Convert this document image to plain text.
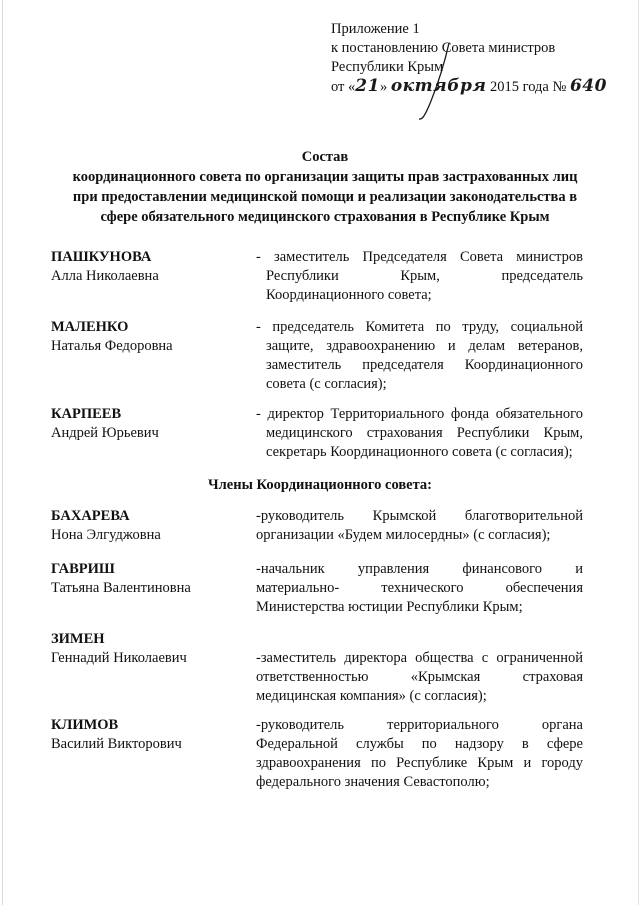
Приложение 1
к постановлению Совета министров
Республики Крым
от «21» октября 2015 года № 640
Состав
координационного совета по организации защиты прав застрахованных лиц
при предоставлении медицинской помощи и реализации законодательства в
сфере обязательного медицинского страхования в Республике Крым
ПАШКУНОВА
Алла Николаевна
- заместитель Председателя Совета министров
Республики Крым, председатель
Координационного совета;
МАЛЕНКО
Наталья Федоровна
- председатель Комитета по труду, социальной
защите, здравоохранению и делам ветеранов,
заместитель председателя Координационного
совета (с согласия);
КАРПЕЕВ
Андрей Юрьевич
- директор Территориального фонда обязательного
медицинского страхования Республики Крым,
секретарь Координационного совета (с согласия);
Члены Координационного совета:
БАХАРЕВА
Нона Элгуджовна
-руководитель Крымской благотворительной
организации «Будем милосердны» (с согласия);
ГАВРИШ
Татьяна Валентиновна
-начальник управления финансового и
материально- технического обеспечения
Министерства юстиции Республики Крым;
ЗИМЕН
Геннадий Николаевич	-заместитель директора общества с ограниченной
ответственностью «Крымская страховая
медицинская компания» (с согласия);
КЛИМОВ
Василий Викторович
-руководитель территориального органа
Федеральной службы по надзору в сфере
здравоохранения по Республике Крым и городу
федерального значения Севастополю;
